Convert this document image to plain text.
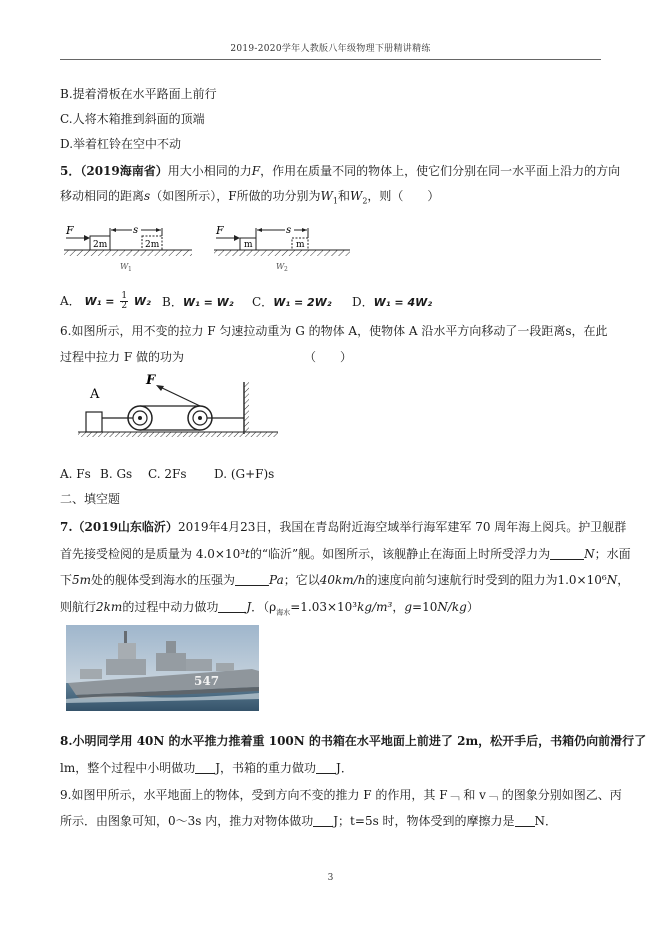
2019-2020学年人教版八年级物理下册精讲精练
B.提着滑板在水平路面上前行
C.人将木箱推到斜面的顶端
D.举着杠铃在空中不动
5．（2019海南省）用大小相同的力F，作用在质量不同的物体上，使它们分别在同一水平面上沿力的方向
移动相同的距离s（如图所示），F所做的功分别为$W_1$和$W_2$，则（　　）
F
2m	2m
s
W 1
F
m	m
s
W 2
A． $W_1 = \frac{1}{2} W_2$ B．W₁ = W₂ C．W₁ = 2W₂ D．W₁ = 4W₂
6.如图所示，用不变的拉力 F 匀速拉动重为 G 的物体 A，使物体 A 沿水平方向移动了一段距离s，在此
过程中拉力 F 做的功为	（　　）
A
F
A. Fs B. Gs C. 2Fs D. (G+F)s
二、填空题
7.（2019山东临沂）2019年4月23日，我国在青岛附近海空域举行海军建军 70 周年海上阅兵。护卫舰群
首先接受检阅的是质量为 4.0×10³t的“临沂”舰。如图所示，该舰静止在海面上时所受浮力为	N；水面
下5m处的舰体受到海水的压强为	Pa；它以40km/h的速度向前匀速航行时受到的阻力为1.0×10⁶N，
则航行2km的过程中动力做功 J．（$\rho_{海水}=1.03\times 10^3kg/m^3$，g=10N/kg）
547
8.小明同学用 40N 的水平推力推着重 100N 的书箱在水平地面上前进了 2m，松开手后，书箱仍向前滑行了
lm，整个过程中小明做功 J，书箱的重力做功 J．
9.如图甲所示，水平地面上的物体，受到方向不变的推力 F 的作用，其 F﹁ 和 v﹁ 的图象分别如图乙、丙
所示．由图象可知，0～3s 内，推力对物体做功 J；t=5s 时，物体受到的摩擦力是 N．
3
